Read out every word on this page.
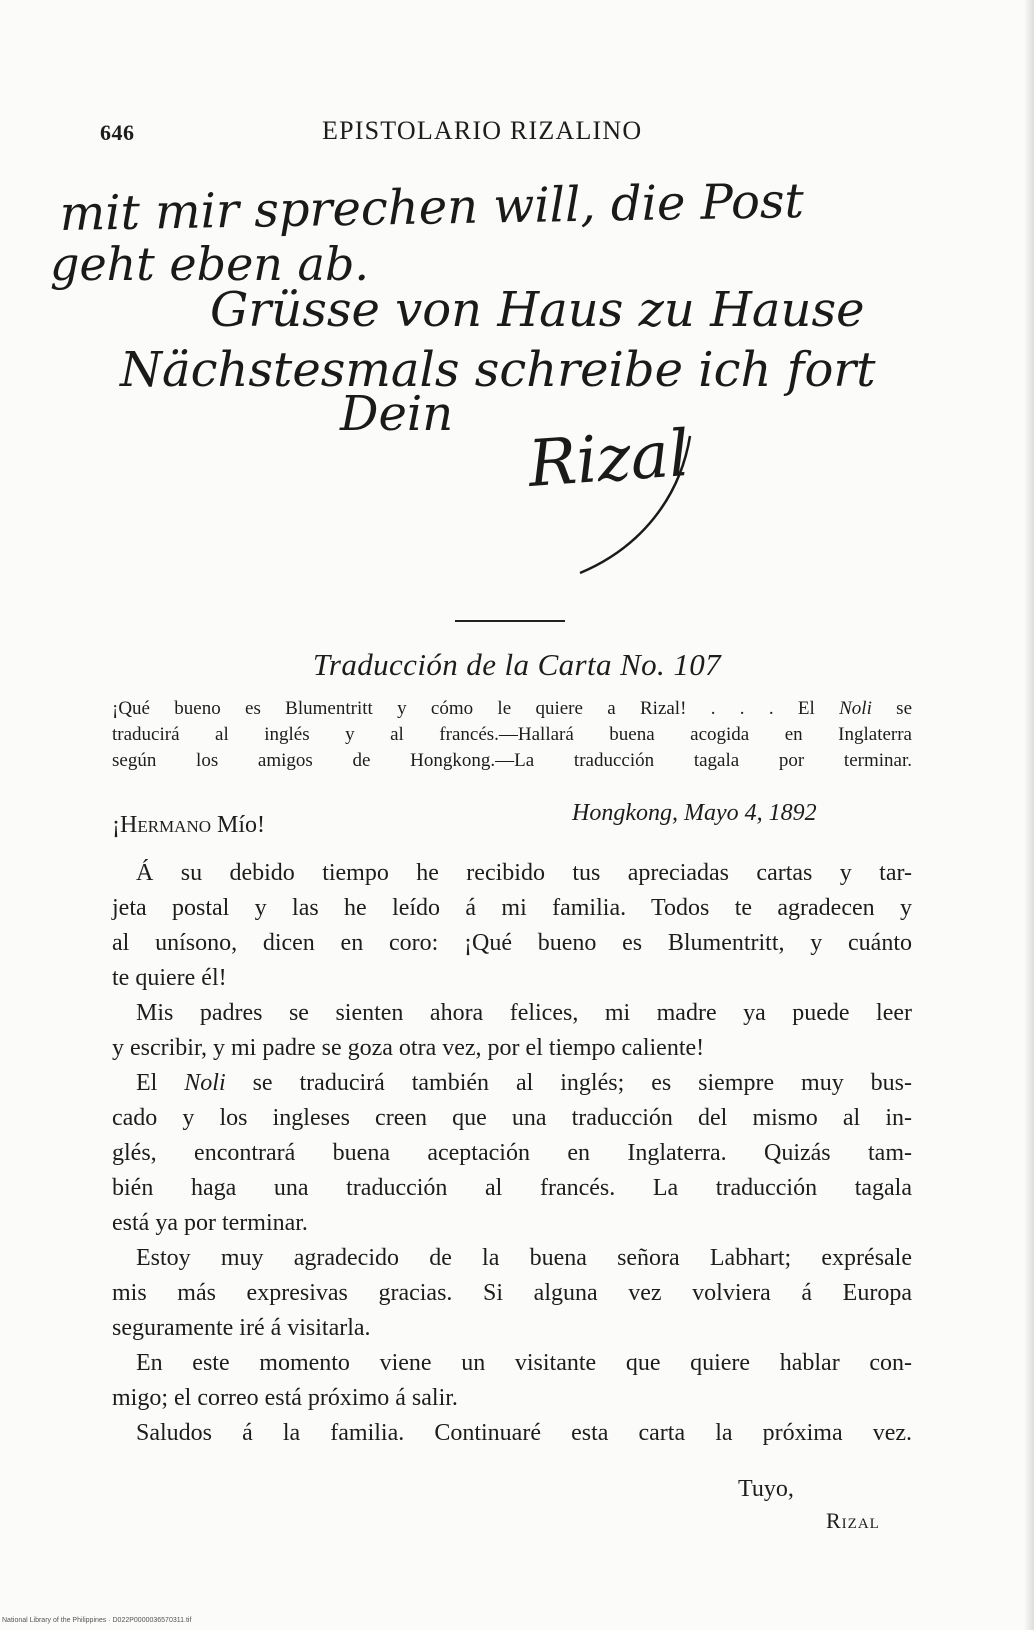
646	EPISTOLARIO RIZALINO
mit mir sprechen will, die Post
geht eben ab.
Grüsse von Haus zu Hause
Nächstesmals schreibe ich fort
Dein
Rizal
Traducción de la Carta No. 107
¡Qué bueno es Blumentritt y cómo le quiere a Rizal! . . . El Noli se
traducirá al inglés y al francés.—Hallará buena acogida en Inglaterra
según los amigos de Hongkong.—La traducción tagala por terminar.
Hongkong, Mayo 4, 1892
¡Hermano Mío!
Á su debido tiempo he recibido tus apreciadas cartas y tar-
jeta postal y las he leído á mi familia. Todos te agradecen y
al unísono, dicen en coro: ¡Qué bueno es Blumentritt, y cuánto
te quiere él!
Mis padres se sienten ahora felices, mi madre ya puede leer
y escribir, y mi padre se goza otra vez, por el tiempo caliente!
El Noli se traducirá también al inglés; es siempre muy bus-
cado y los ingleses creen que una traducción del mismo al in-
glés, encontrará buena aceptación en Inglaterra. Quizás tam-
bién haga una traducción al francés. La traducción tagala
está ya por terminar.
Estoy muy agradecido de la buena señora Labhart; exprésale
mis más expresivas gracias. Si alguna vez volviera á Europa
seguramente iré á visitarla.
En este momento viene un visitante que quiere hablar con-
migo; el correo está próximo á salir.
Saludos á la familia. Continuaré esta carta la próxima vez.
Tuyo,
Rizal
National Library of the Philippines · D022P0000036570311.tif
